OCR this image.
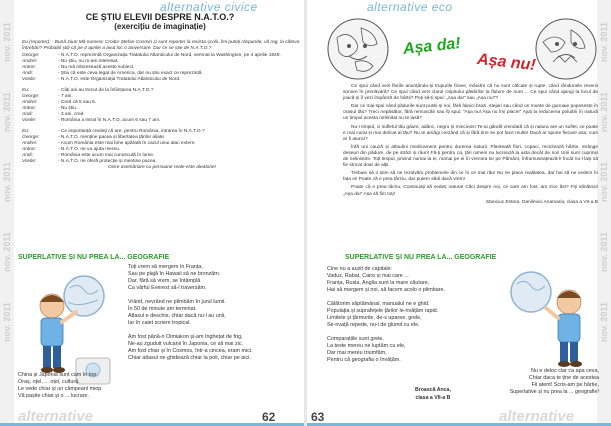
nov. 2011
nov. 2011
nov. 2011
nov. 2011
nov. 2011
alternative civice
CE ȘTIU ELEVII DESPRE N.A.T.O.?
(exercițiu de imaginație)
Eu (reporter): - Bună ziua! Mă numesc Croitor Ștefan Cosmin și sunt reporter la revista școlii. Îmi puteți răspunde, vă rog, la câteva întrebări? Probabil știți că pe 4 aprilie a avut loc o aniversare. Dar ce se știe de N.A.T.O.?
George:	- N.A.T.O. reprezintă Organizația Tratatului Atlanticului de Nord, semnat la Washington, pe 4 aprilie 1949.
Andrei:	- Nu știu, nu m-am interesat.
Anton:	- Nu mă interesează aceste subiect.
Andi:	- Știu că este ceva legat de America, dar nu știu exact ce reprezintă.
Vasile:	- N.A.T.O. este Organizația Tratatului Atlanticului de Nord.
Eu:	- Câți ani au trecut de la înființarea N.A.T.O.?
George:	- 7 ani.
Andrei:	- Cred că 5 sau 6.
Anton:	- Nu știu.
Andi:	- 3 ani, cred.
Vasile:	- România a intrat în N.A.T.O. acum 6 sau 7 ani.
Eu:	- Ce importanță credeți că are, pentru România, intrarea în N.A.T.O.?
George:	- N.A.T.O. menține pacea și libertatea țărilor aliate.
Andrei:	- Acum România este mai bine apărată în cazul unui atac extern.
Anton:	- N.A.T.O. ne va ajuta mereu.
Andi:	- România este acum mai cunoscută în lume.
Vasile:	- N.A.T.O. ne oferă protecție și menține pacea.
Orice asemănare cu persoane reale este aleatorie!
SUPERLATIVE ȘI NU PREA LA... GEOGRAFIE

Toți vrem să mergem în Franța,

Sau pe plajă în Hawaii să ne bronzăm.

Dar, fără să vrem, se întâmplă

Ca vărful Everest să-l traversăm.

Vrând, nevrând ne plimbăm în jurul lumii.

În 50 de minute am terminat.

Atlasul e deschis, chiar dacă nu-l au unii,

Iar în caiet scriem tropical.

Am fost până-n Oimiakon și-am înghețat de frig,

Ne-au zguduit vulcanii în Japonia, ce să mai zic.

Am fost chiar și în Cosmos, într-a cincea, eram mici.

Chiar atlasul ne ghidează chiar la poli, chiar pe aici.

China și Japonia sunt cam în top:

Oraș, oțel, ... oțel, cultură.

Le vede chiar și un câmpeanl miop.

Vă pașite chiar și o ... lucrare.

alternative	62
nov. 2011
nov. 2011
nov. 2011
nov. 2011
nov. 2011
alternative eco
Așa da!
Așa nu!

Ce spui când vezi florile anunțându-și trupurile firave, mândre că nu sunt călcate și rupte, când rândunele revenii sonore în primăvară? Ce spui când vezi clarul ciripitului păsărilor la fluture de nunt ... Ce spui când ajungi la locul de joacă și îl vezi împânzit de hârtii? Poți să-ți spui: „Așa da!” sau „Așa nu!”?

Dar ce mai spui când pădurile sunt pustii și noi, fără fainici brazi, stejari sau când un munte de gunoaie poposește în orașul tău? Treci nepăsător, fără remușcări sau îți spui: “Așa nu! Așa nu îmi place!” Ajuți la reducerea poluării în natură un timpul acesta nelimitat nu te lasă?

Nu-i timpul, ci sufletul tău gâunt, adânc, negru și mincinos! Te-ai gândit vreodată că și natura are un suflet, ce poate e mai curat și mai delicat al tău? Nu te amăgi crezând că și fără tine se pot face multe! Dacă ar spune fiecare asa, cum ar fi atunci?

Înfă uni cauză și atitudini medicament pentru durerea naturii. Planteată flori, copaci, reciclează hârtie, strânge deșeuri din pădure, de pe străzi și râuri! Fă-ți pentru ca, țări nimeni nu lucrează la asta decât de noi! Unii sunt cuprinși de nelinistire. Toți timpul, privind numai la ei, numai pe ei în vremea lor pe Pământ, înfrumuseațează-l! Încât nu-l lași să fie stricat doar de alții.

Trebuie să o știm să ne rezolvăm problemele din ce în ce mai rău! Nu ne place realitatea, dar hai să ne vedem în fața ei! Poate că e prea târziu, dar putem sădi dacă vrem!

Poate că e prea târziu, Continuați să vedeți natura! Căci despre noi, ce care am fost, am zice ăst? Fiți sănătoși! „Așa da!” Așa să fim toți!

Stanciuc Estera, Danilevici Anamaria, clasa a VII-a B

SUPERLATIVE ȘI NU PREA LA... GEOGRAFIE

Cine nu a auzit de capitale:

Vaduz, Rabat, Cairo și mai care ...

Franța, Rusia, Anglia sunt la mare căutare,

Hai să mergem și noi, să facem acolo o plimbare.

Călătorim săptămânal, manualul ne e ghid.

Populația și suprafețele țărilor le-nvățăm rapid.

Limitele și țărmurile, de-s uparee, grele,

Se-nvață repede, nu-i de glumit cu ele.

Comparațiile sunt grele.

La teste mereu ne luptăm cu ele,

Dar mai mereu triumfăm,

Pentru că geografia o învățăm.

Broască Anca,
clasa a VII-a B

Nu e deloc clar ca apa ceva,

Chiar daca te ține de acestea

Fii atent! Scris-am pe hârtie,

Superlative și nu prea la ... geografie!

63	alternative
